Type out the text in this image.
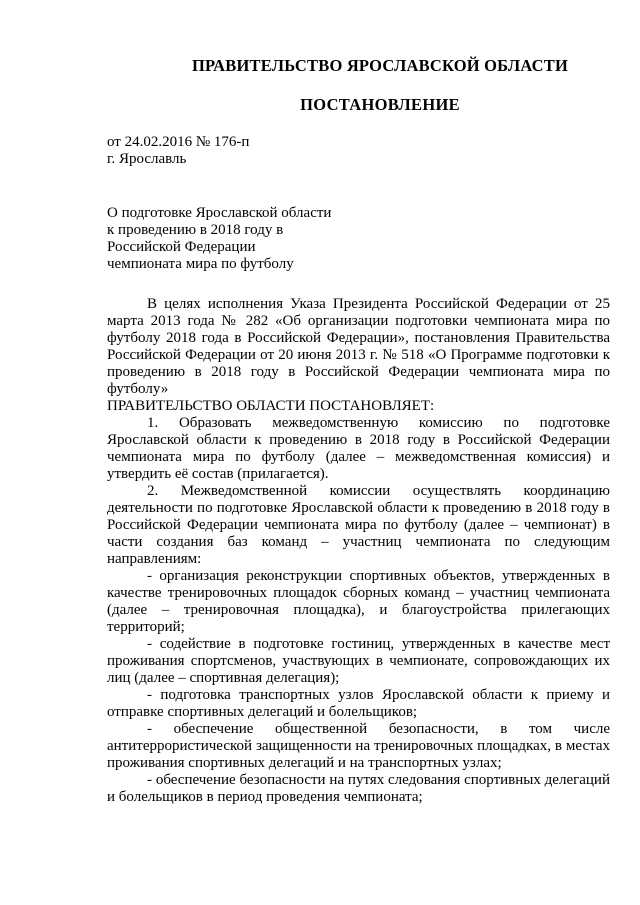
ПРАВИТЕЛЬСТВО ЯРОСЛАВСКОЙ ОБЛАСТИ
ПОСТАНОВЛЕНИЕ
от 24.02.2016 № 176-п
г. Ярославль
О подготовке Ярославской области
к проведению в 2018 году в
Российской Федерации
чемпионата мира по футболу

В целях исполнения Указа Президента Российской Федерации от 25 марта 2013 года № 282 «Об организации подготовки чемпионата мира по футболу 2018 года в Российской Федерации», постановления Правительства Российской Федерации от 20 июня 2013 г. № 518 «О Программе подготовки к проведению в 2018 году в Российской Федерации чемпионата мира по футболу»

ПРАВИТЕЛЬСТВО ОБЛАСТИ ПОСТАНОВЛЯЕТ:

1. Образовать межведомственную комиссию по подготовке Ярославской области к проведению в 2018 году в Российской Федерации чемпионата мира по футболу (далее – межведомственная комиссия) и утвердить её состав (прилагается).

2. Межведомственной комиссии осуществлять координацию деятельности по подготовке Ярославской области к проведению в 2018 году в Российской Федерации чемпионата мира по футболу (далее – чемпионат) в части создания баз команд – участниц чемпионата по следующим направлениям:

- организация реконструкции спортивных объектов, утвержденных в качестве тренировочных площадок сборных команд – участниц чемпионата (далее – тренировочная площадка), и благоустройства прилегающих территорий;

- содействие в подготовке гостиниц, утвержденных в качестве мест проживания спортсменов, участвующих в чемпионате, сопровождающих их лиц (далее – спортивная делегация);

- подготовка транспортных узлов Ярославской области к приему и отправке спортивных делегаций и болельщиков;

- обеспечение общественной безопасности, в том числе антитеррористической защищенности на тренировочных площадках, в местах проживания спортивных делегаций и на транспортных узлах;

- обеспечение безопасности на путях следования спортивных делегаций и болельщиков в период проведения чемпионата;
